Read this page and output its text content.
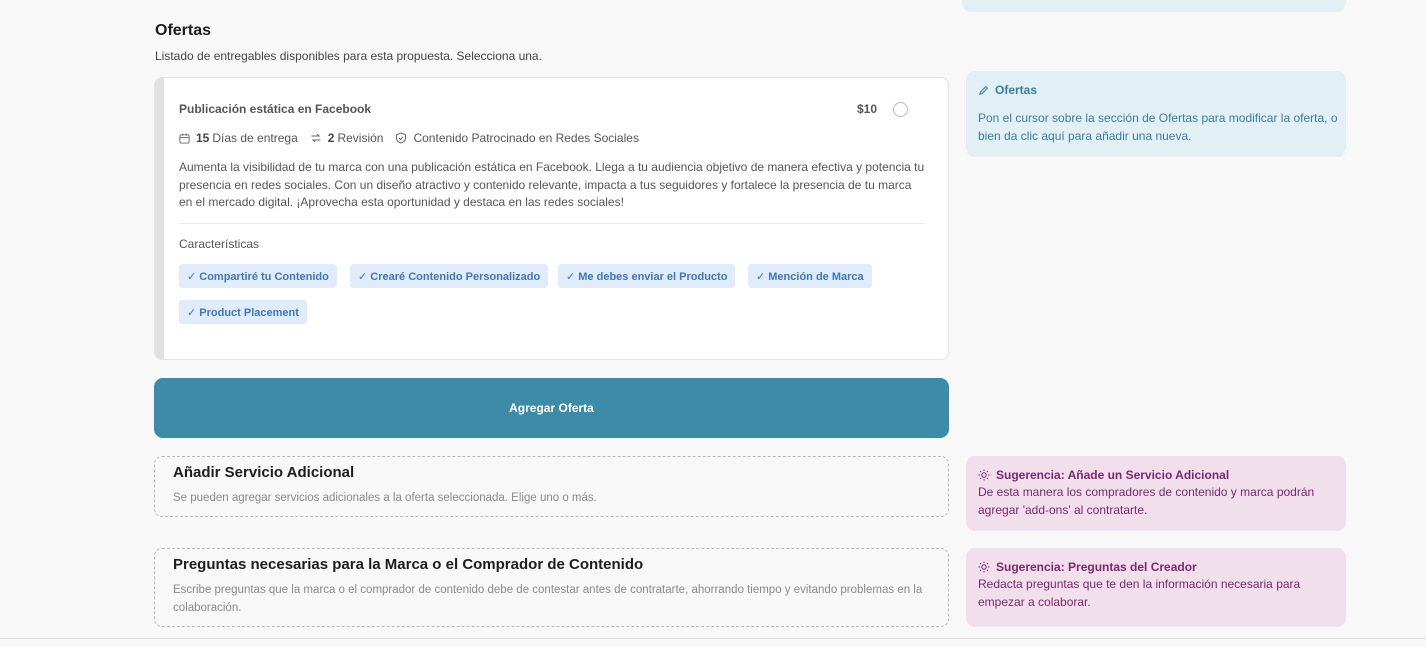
Ofertas
Listado de entregables disponibles para esta propuesta. Selecciona una.
Publicación estática en Facebook	$10
15 Días de entrega	2 Revisión	Contenido Patrocinado en Redes Sociales
Aumenta la visibilidad de tu marca con una publicación estática en Facebook. Llega a tu audiencia objetivo de manera efectiva y potencia tu presencia en redes sociales. Con un diseño atractivo y contenido relevante, impacta a tus seguidores y fortalece la presencia de tu marca en el mercado digital. ¡Aprovecha esta oportunidad y destaca en las redes sociales!
Características
✓ Compartiré tu Contenido	✓ Crearé Contenido Personalizado	✓ Me debes enviar el Producto	✓ Mención de Marca
✓ Product Placement
Agregar Oferta
Añadir Servicio Adicional
Se pueden agregar servicios adicionales a la oferta seleccionada. Elige uno o más.
Preguntas necesarias para la Marca o el Comprador de Contenido
Escribe preguntas que la marca o el comprador de contenido debe de contestar antes de contratarte, ahorrando tiempo y evitando problemas en la colaboración.
Ofertas
Pon el cursor sobre la sección de Ofertas para modificar la oferta, o bien da clic aquí para añadir una nueva.
Sugerencia: Añade un Servicio Adicional
De esta manera los compradores de contenido y marca podrán agregar 'add-ons' al contratarte.
Sugerencia: Preguntas del Creador
Redacta preguntas que te den la información necesaria para empezar a colaborar.
